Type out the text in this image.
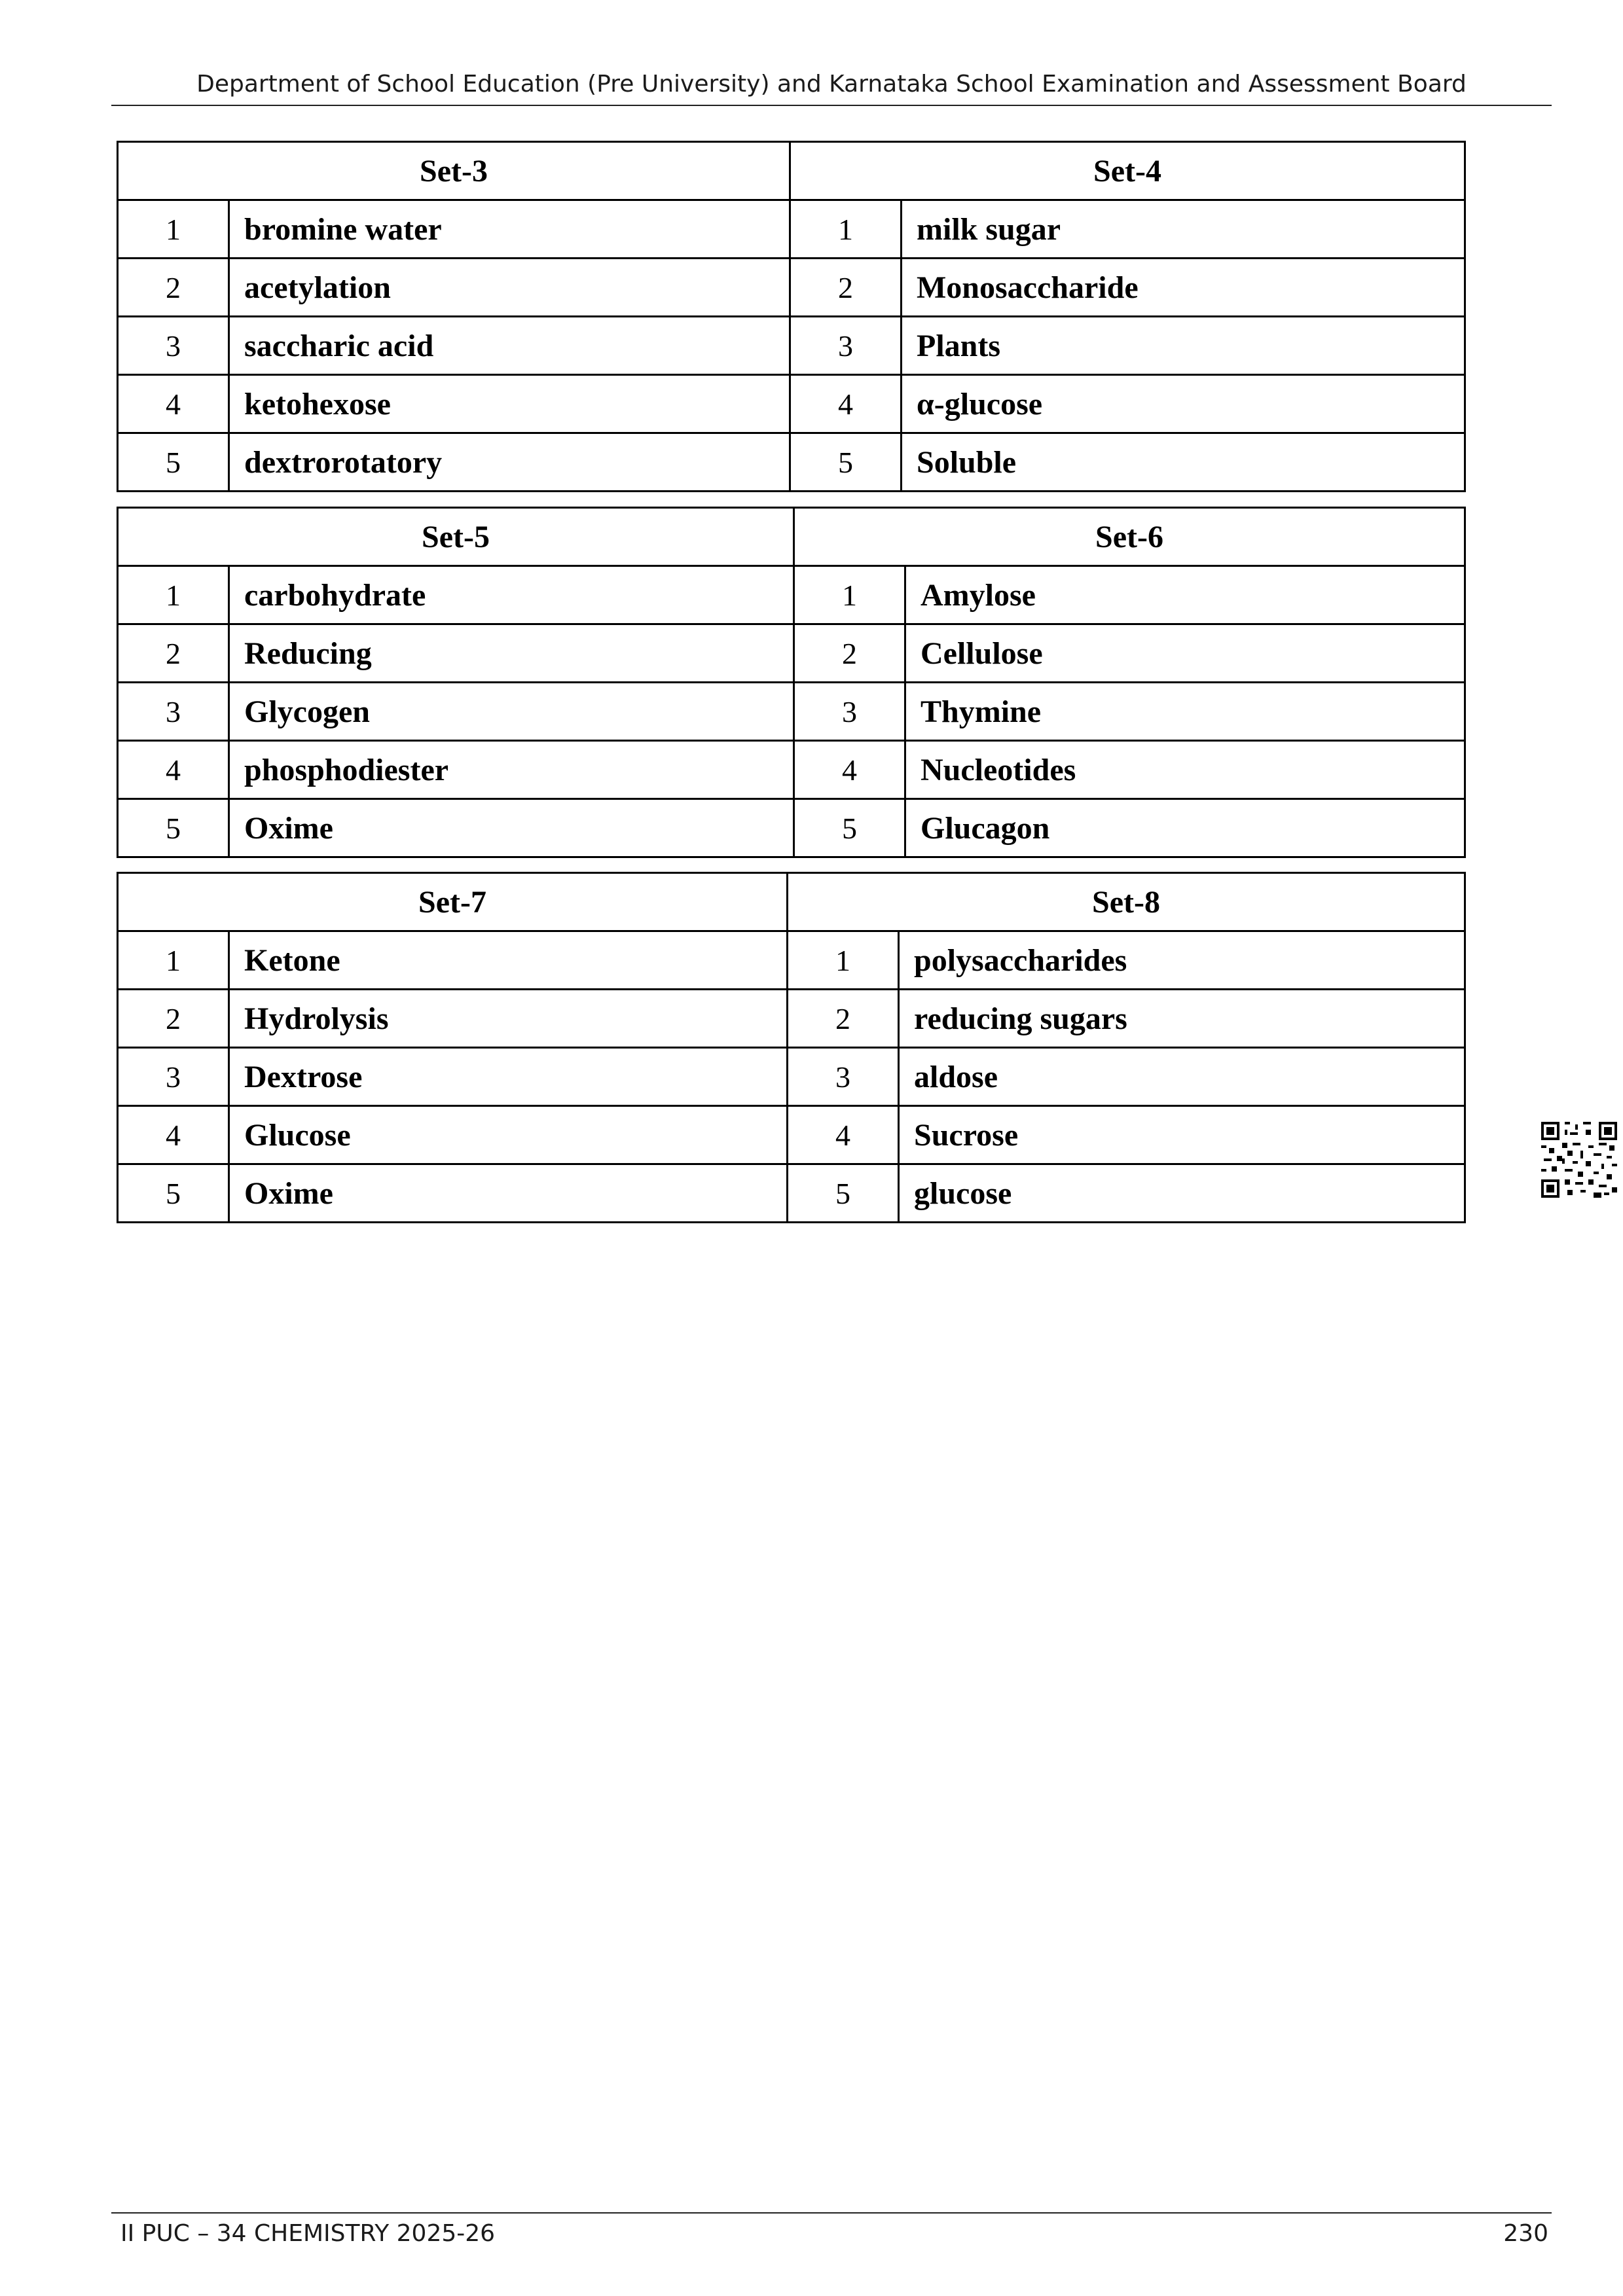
Department of School Education (Pre University) and Karnataka School Examination and Assessment Board
Set-3		Set-4	
1	bromine water	1	milk sugar
2	acetylation	2	Monosaccharide
3	saccharic acid	3	Plants
4	ketohexose	4	α-glucose
5	dextrorotatory	5	Soluble
Set-5		Set-6	
1	carbohydrate	1	Amylose
2	Reducing	2	Cellulose
3	Glycogen	3	Thymine
4	phosphodiester	4	Nucleotides
5	Oxime	5	Glucagon
Set-7		Set-8	
1	Ketone	1	polysaccharides
2	Hydrolysis	2	reducing sugars
3	Dextrose	3	aldose
4	Glucose	4	Sucrose
5	Oxime	5	glucose
II PUC – 34 CHEMISTRY 2025-26	230
